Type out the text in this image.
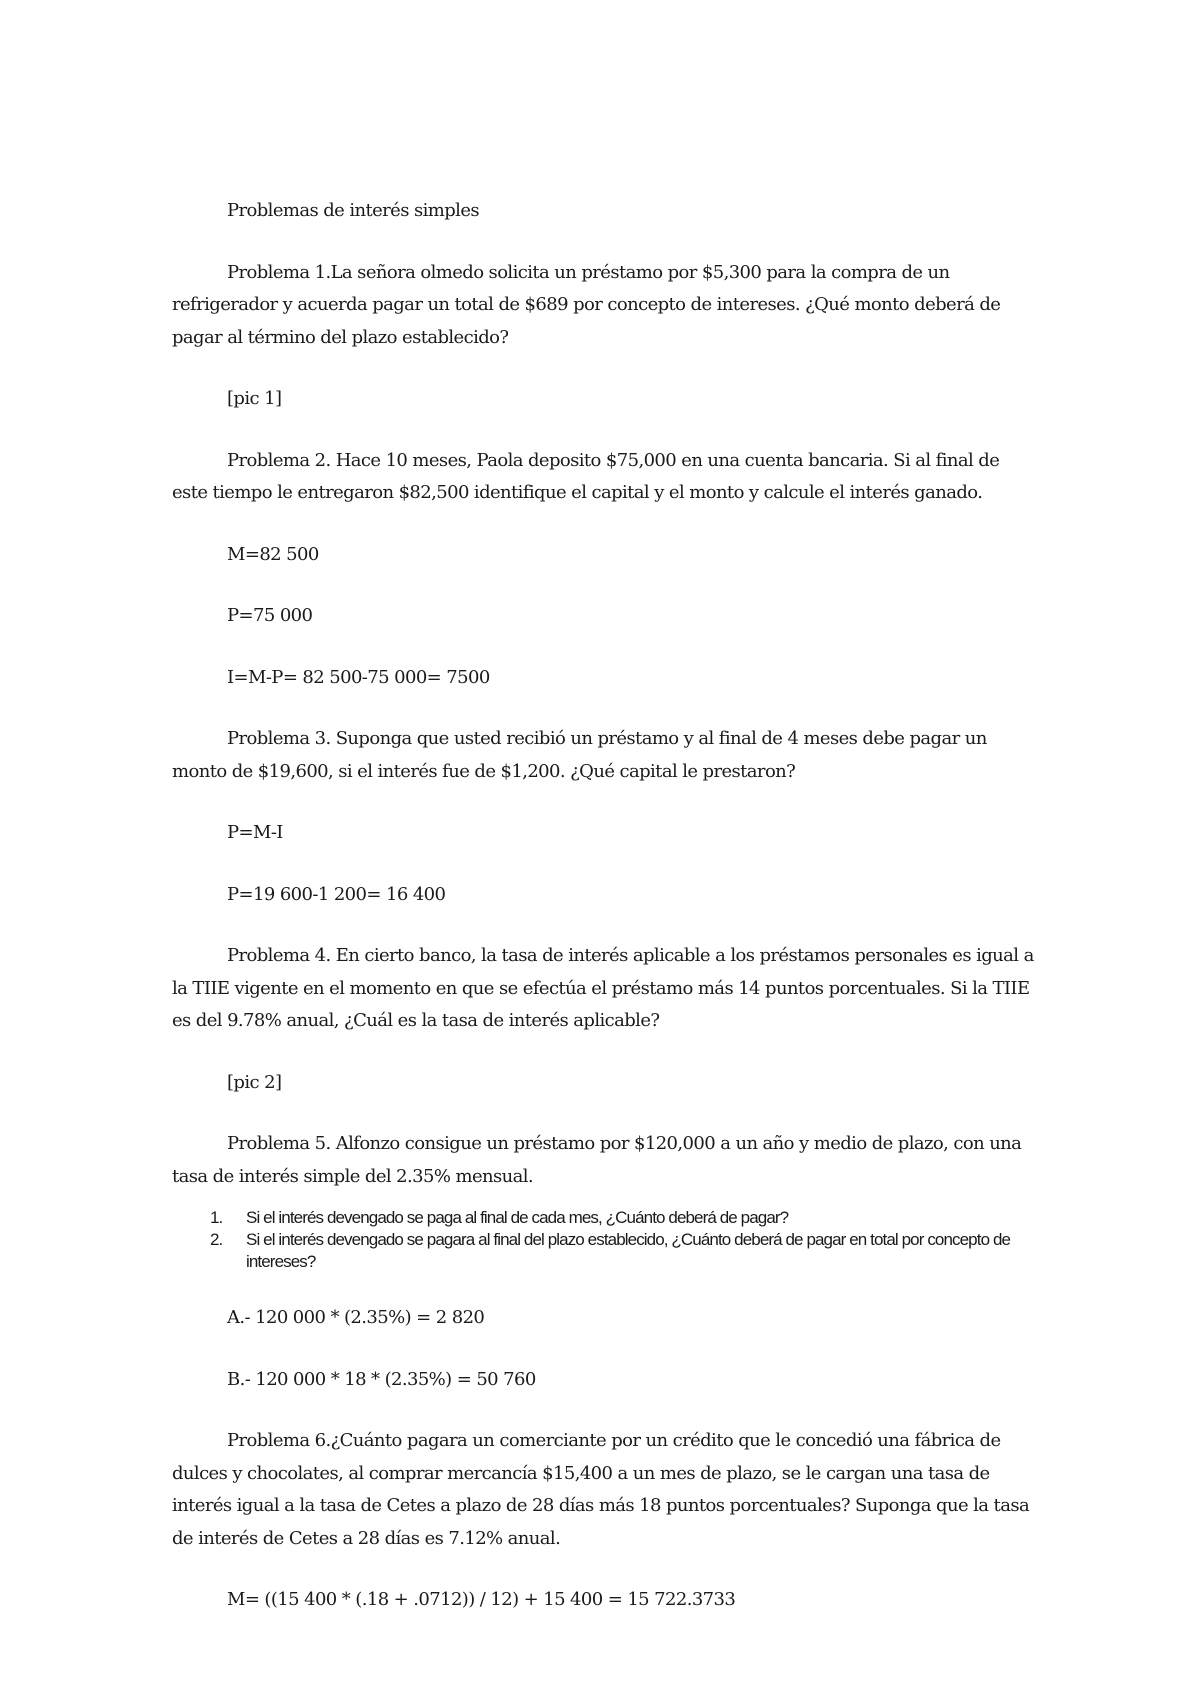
Problemas de interés simples

Problema 1.La señora olmedo solicita un préstamo por $5,300 para la compra de un refrigerador y acuerda pagar un total de $689 por concepto de intereses. ¿Qué monto deberá de pagar al término del plazo establecido?

[pic 1]

Problema 2. Hace 10 meses, Paola deposito $75,000 en una cuenta bancaria. Si al final de este tiempo le entregaron $82,500 identifique el capital y el monto y calcule el interés ganado.

M=82 500

P=75 000

I=M-P= 82 500-75 000= 7500

Problema 3. Suponga que usted recibió un préstamo y al final de 4 meses debe pagar un monto de $19,600, si el interés fue de $1,200. ¿Qué capital le prestaron?

P=M-I

P=19 600-1 200= 16 400

Problema 4. En cierto banco, la tasa de interés aplicable a los préstamos personales es igual a la TIIE vigente en el momento en que se efectúa el préstamo más 14 puntos porcentuales. Si la TIIE es del 9.78% anual, ¿Cuál es la tasa de interés aplicable?

[pic 2]

Problema 5. Alfonzo consigue un préstamo por $120,000 a un año y medio de plazo, con una tasa de interés simple del 2.35% mensual.

1. Si el interés devengado se paga al final de cada mes, ¿Cuánto deberá de pagar?
2. Si el interés devengado se pagara al final del plazo establecido, ¿Cuánto deberá de pagar en total por concepto de intereses?

A.- 120 000 * (2.35%) = 2 820

B.- 120 000 * 18 * (2.35%) = 50 760

Problema 6.¿Cuánto pagara un comerciante por un crédito que le concedió una fábrica de dulces y chocolates, al comprar mercancía $15,400 a un mes de plazo, se le cargan una tasa de interés igual a la tasa de Cetes a plazo de 28 días más 18 puntos porcentuales? Suponga que la tasa de interés de Cetes a 28 días es 7.12% anual.

M= ((15 400 * (.18 + .0712)) / 12) + 15 400 = 15 722.3733
